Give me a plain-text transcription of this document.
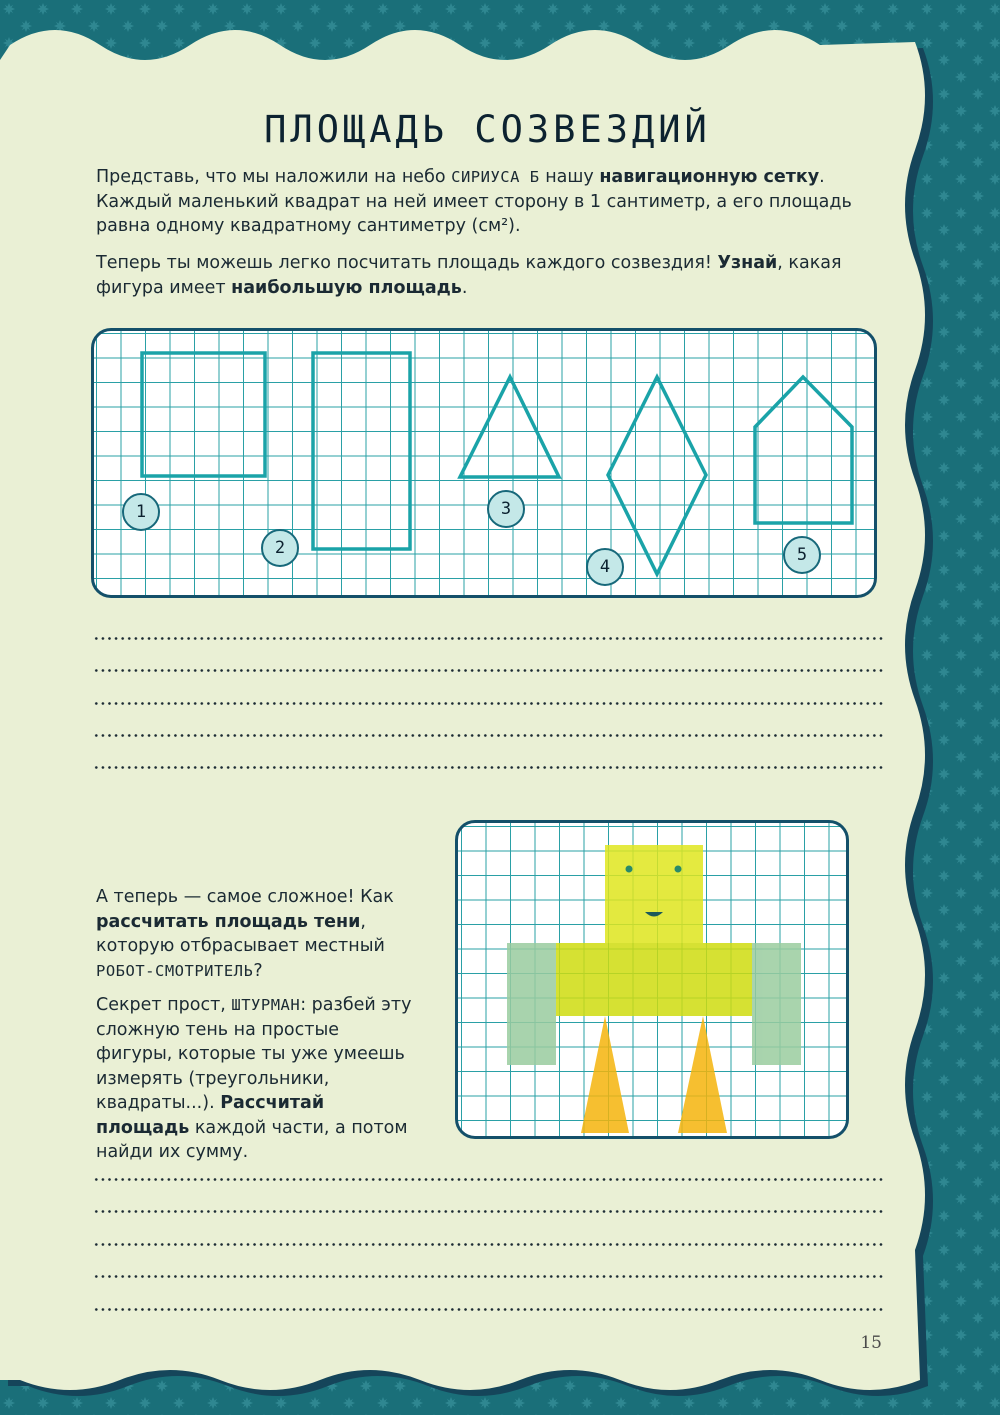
ПЛОЩАДЬ СОЗВЕЗДИЙ
Представь, что мы наложили на небо СИРИУСА Б нашу навигационную сетку. Каждый маленький квадрат на ней имеет сторону в 1 сантиметр, а его площадь равна одному квадратному сантиметру (см²).
Теперь ты можешь легко посчитать площадь каждого созвездия! Узнай, какая фигура имеет наибольшую площадь.
1
2
3
4
5
А теперь — самое сложное! Как рассчитать площадь тени, которую отбрасывает местный РОБОТ-СМОТРИТЕЛЬ?
Секрет прост, ШТУРМАН: разбей эту сложную тень на простые фигуры, которые ты уже умеешь измерять (треугольники, квадраты...). Рассчитай площадь каждой части, а потом найди их сумму.
15
